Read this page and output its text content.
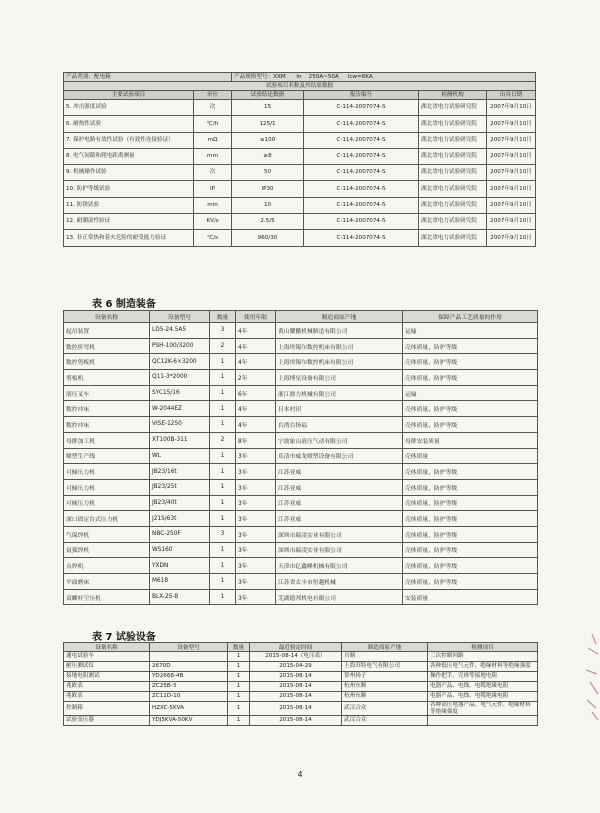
产品类别：配电箱		产品规格型号：XXM In 250A~50A Icw=6KA			
试验项目名称及其结果数据					
主要试验项目	单位	试验结论数据	报告编号	检测机构	出具日期
5. 冲击强度试验	次	15	C-114-2007074-S	湖北省电力试验研究院	2007年9月10日
6. 耐热性试验	℃/h	125/1	C-114-2007074-S	湖北省电力试验研究院	2007年9月10日
7. 保护电路有效性试验（有效性连接验证）	mΩ	≤100	C-114-2007074-S	湖北省电力试验研究院	2007年9月10日
8. 电气间隙和爬电距离测量	mm	≥8	C-114-2007074-S	湖北省电力试验研究院	2007年9月10日
9. 机械操作试验	次	50	C-114-2007074-S	湖北省电力试验研究院	2007年9月10日
10. 防护等级试验	IP	IP30	C-114-2007074-S	湖北省电力试验研究院	2007年9月10日
11. 防锈试验	min	10	C-114-2007074-S	湖北省电力试验研究院	2007年9月10日
12. 耐潮湿性验证	KV/s	2.5/5	C-114-2007074-S	湖北省电力试验研究院	2007年9月10日
13. 非正常热和着火危险的耐受能力验证	℃/s	960/30	C-114-2007074-S	湖北省电力试验研究院	2007年9月10日
表 6 制造装备
设备名称	设备型号	数量	使用年限	制造商原产地	保障产品工艺质量的作用
起吊装置	LD5-24.5A5	3	4年	黄山耀鹏机械制造有限公司	运输
数控折弯机	PSH-100/3200	2	4年	上海埃锡尔数控机床有限公司	壳体质量、防护等级
数控剪板机	QC12K-6×3200	1	4年	上海埃锡尔数控机床有限公司	壳体质量、防护等级
剪板机	Q11-3*2000	1	2年	上海博星设备有限公司	壳体质量、防护等级
液压叉车	SYC15/16	1	6年	浙江鼎力机械有限公司	运输
数控冲床	W-2044EZ	1	4年	日本村田	壳体质量、防护等级
数控冲床	VISE-1250	1	4年	台湾台扬福	壳体质量、防护等级
母排加工机	XT100B-311	2	8年	宁波象山液压气动有限公司	母排安装质量
喷塑生产线	WL	1	3年	乐清市威龙喷塑设备有限公司	壳体质量
可倾压力机	JB23/16t	1	3年	江苏亚威	壳体质量、防护等级
可倾压力机	JB23/25t	1	3年	江苏亚威	壳体质量、防护等级
可倾压力机	JB23/40t	1	3年	江苏亚威	壳体质量、防护等级
深口固定台式压力机	J21S/63t	1	3年	江苏亚威	壳体质量、防护等级
气保焊机	NBC-250F	3	3年	深圳市瑞凌实业有限公司	壳体质量、防护等级
氩弧焊机	WS160	1	3年	深圳市瑞凌实业有限公司	壳体质量、防护等级
点焊机	YXDN	1	3年	天津市亿鑫峰机械有限公司	壳体质量、防护等级
平面磨床	M618	1	3年	江苏省太丰市恒越机械	壳体质量、防护等级
双螺杆空压机	BLX-25-8	1	3年	芜湖德邦机电有限公司	安装质量
表 7 试验设备
设备名称	设备型号	数量	最近检定时间	制造商原产地	检测项目
通电试验车		1	2015-08-14（电压表）	自制	二次控制回路
耐压测试仪	2670D	1	2015-04-29	上海苏特电气有限公司	各种低压电气元件、绝缘材料等绝缘强度
接地电阻测试	YD2668-4B	1	2015-08-14	常州扬子	操作把手、壳体等接地电阻
兆欧表	ZC25B-3	1	2015-08-14	杭州东顺	电器产品、电线、电缆绝缘电阻
兆欧表	ZC11D-10	1	2015-08-14	杭州东顺	电器产品、电线、电缆绝缘电阻
控制箱	HZXC-5KVA	1	2015-08-14	武汉合众	各种高压电器产品、电气元件、绝缘材料等绝缘强度
试验变压器	YDJ5KVA-50KV	1	2015-08-14	武汉合众	
4
